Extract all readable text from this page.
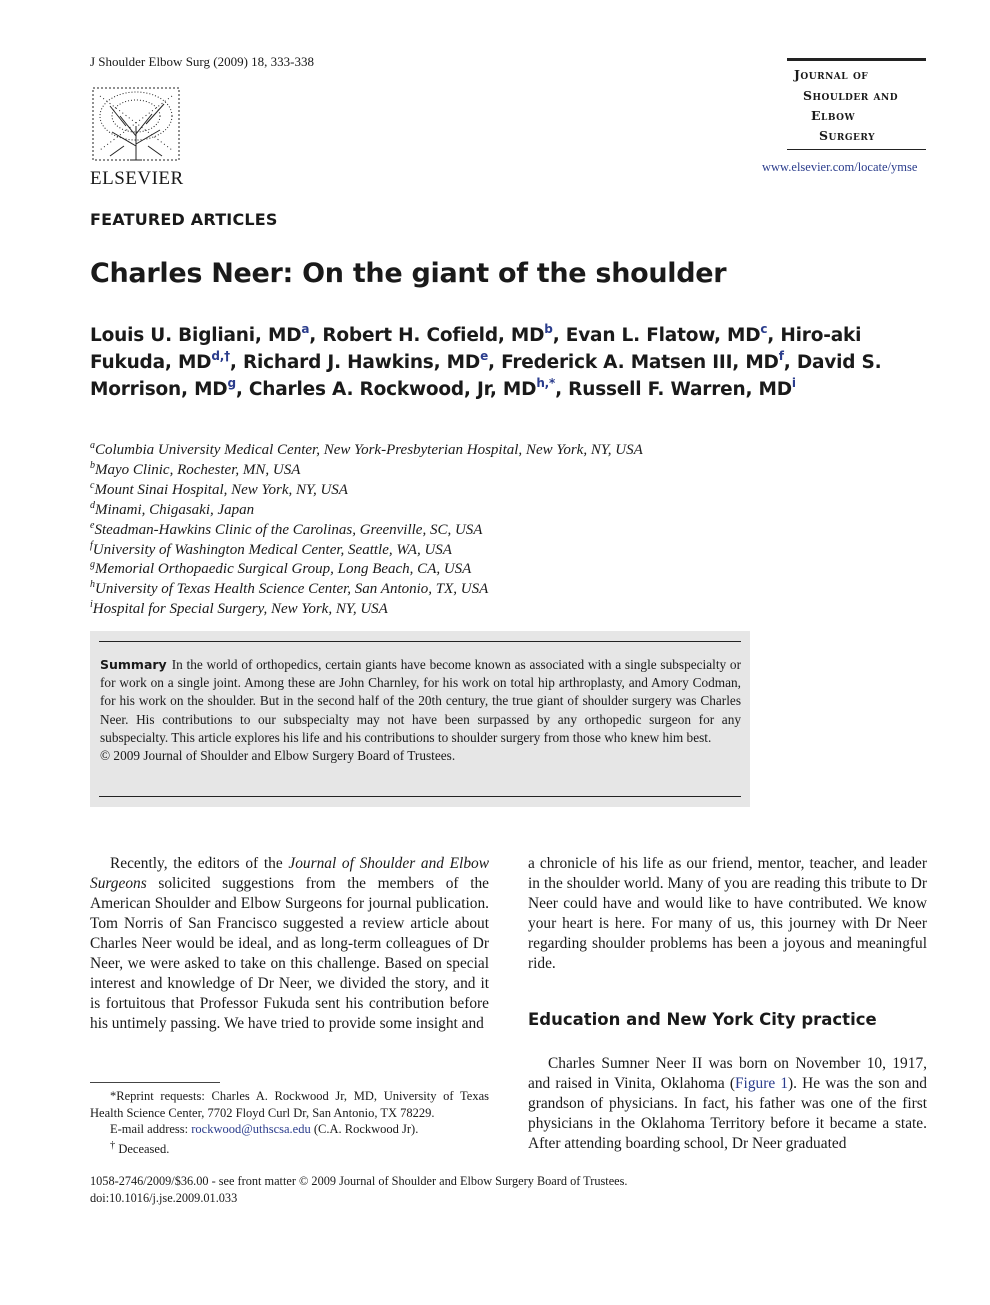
J Shoulder Elbow Surg (2009) 18, 333-338
ELSEVIER
Journal of
Shoulder and
Elbow
Surgery
www.elsevier.com/locate/ymse
FEATURED ARTICLES
Charles Neer: On the giant of the shoulder
Louis U. Bigliani, $MD^a$, Robert H. Cofield, $MD^b$, Evan L. Flatow, $MD^c$, Hiro-aki Fukuda, $MD^{d,\dagger}$, Richard J. Hawkins, MDe, Frederick A. Matsen III, $MD^f$, David S. Morrison, $MD^g$, Charles A. Rockwood, Jr, $MD^{h,*}$, Russell F. Warren, $MD^i$
$^a$Columbia University Medical Center, New York-Presbyterian Hospital, New York, NY, USA
$^b$Mayo Clinic, Rochester, MN, USA
$^c$Mount Sinai Hospital, New York, NY, USA
$^d$Minami, Chigasaki, Japan
$^e$Steadman-Hawkins Clinic of the Carolinas, Greenville, SC, USA
$^f$University of Washington Medical Center, Seattle, WA, USA
$^g$Memorial Orthopaedic Surgical Group, Long Beach, CA, USA
$^h$University of Texas Health Science Center, San Antonio, TX, USA
$^i$Hospital for Special Surgery, New York, NY, USA
Summary In the world of orthopedics, certain giants have become known as associated with a single subspecialty or for work on a single joint. Among these are John Charnley, for his work on total hip arthroplasty, and Amory Codman, for his work on the shoulder. But in the second half of the 20th century, the true giant of shoulder surgery was Charles Neer. His contributions to our subspecialty may not have been surpassed by any orthopedic surgeon for any subspecialty. This article explores his life and his contributions to shoulder surgery from those who knew him best.
© 2009 Journal of Shoulder and Elbow Surgery Board of Trustees.

Recently, the editors of the Journal of Shoulder and Elbow Surgeons solicited suggestions from the members of the American Shoulder and Elbow Surgeons for journal publication. Tom Norris of San Francisco suggested a review article about Charles Neer would be ideal, and as long-term colleagues of Dr Neer, we were asked to take on this challenge. Based on special interest and knowledge of Dr Neer, we divided the story, and it is fortuitous that Professor Fukuda sent his contribution before his untimely passing. We have tried to provide some insight and

a chronicle of his life as our friend, mentor, teacher, and leader in the shoulder world. Many of you are reading this tribute to Dr Neer could have and would like to have contributed. We know your heart is here. For many of us, this journey with Dr Neer regarding shoulder problems has been a joyous and meaningful ride.

Education and New York City practice

Charles Sumner Neer II was born on November 10, 1917, and raised in Vinita, Oklahoma (Figure 1). He was the son and grandson of physicians. In fact, his father was one of the first physicians in the Oklahoma Territory before it became a state. After attending boarding school, Dr Neer graduated

*Reprint requests: Charles A. Rockwood Jr, MD, University of Texas Health Science Center, 7702 Floyd Curl Dr, San Antonio, TX 78229.

E-mail address: rockwood@uthscsa.edu (C.A. Rockwood Jr).

† Deceased.

1058-2746/2009/$36.00 - see front matter © 2009 Journal of Shoulder and Elbow Surgery Board of Trustees.
doi:10.1016/j.jse.2009.01.033
